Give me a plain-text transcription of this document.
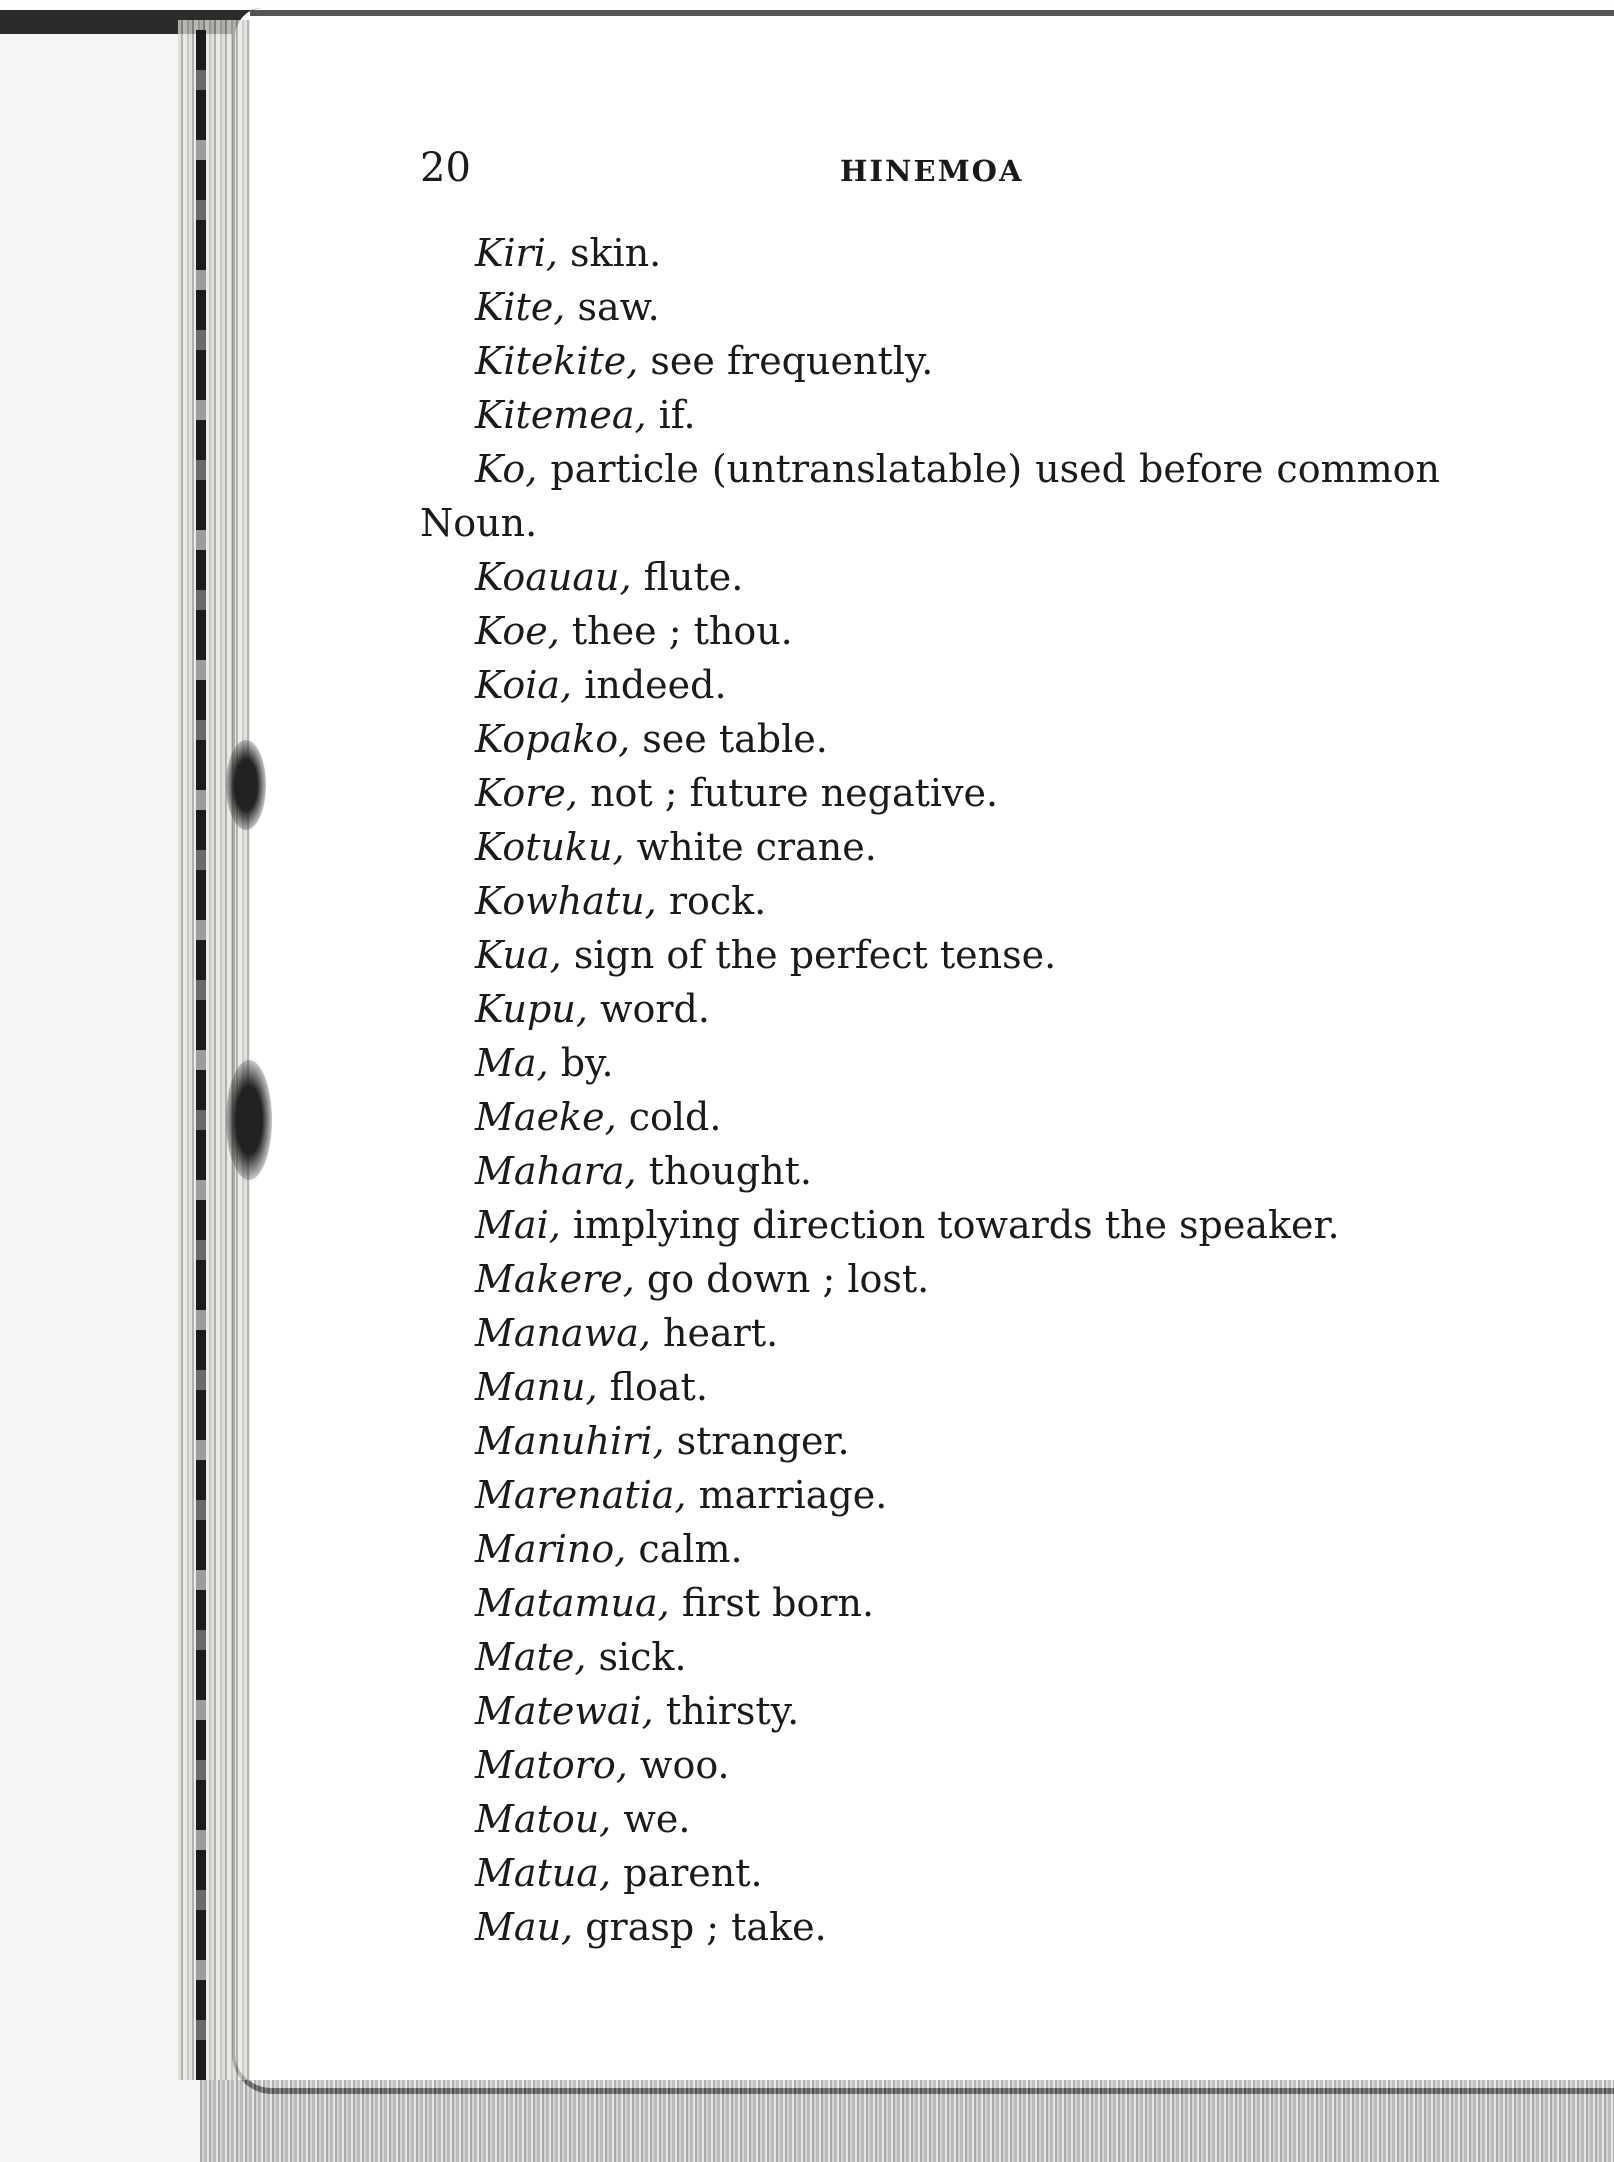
20	HINEMOA
Kiri, skin.
Kite, saw.
Kitekite, see frequently.
Kitemea, if.
Ko, particle (untranslatable) used before common Noun.
Koauau, flute.
Koe, thee ; thou.
Koia, indeed.
Kopako, see table.
Kore, not ; future negative.
Kotuku, white crane.
Kowhatu, rock.
Kua, sign of the perfect tense.
Kupu, word.
Ma, by.
Maeke, cold.
Mahara, thought.
Mai, implying direction towards the speaker.
Makere, go down ; lost.
Manawa, heart.
Manu, float.
Manuhiri, stranger.
Marenatia, marriage.
Marino, calm.
Matamua, first born.
Mate, sick.
Matewai, thirsty.
Matoro, woo.
Matou, we.
Matua, parent.
Mau, grasp ; take.
